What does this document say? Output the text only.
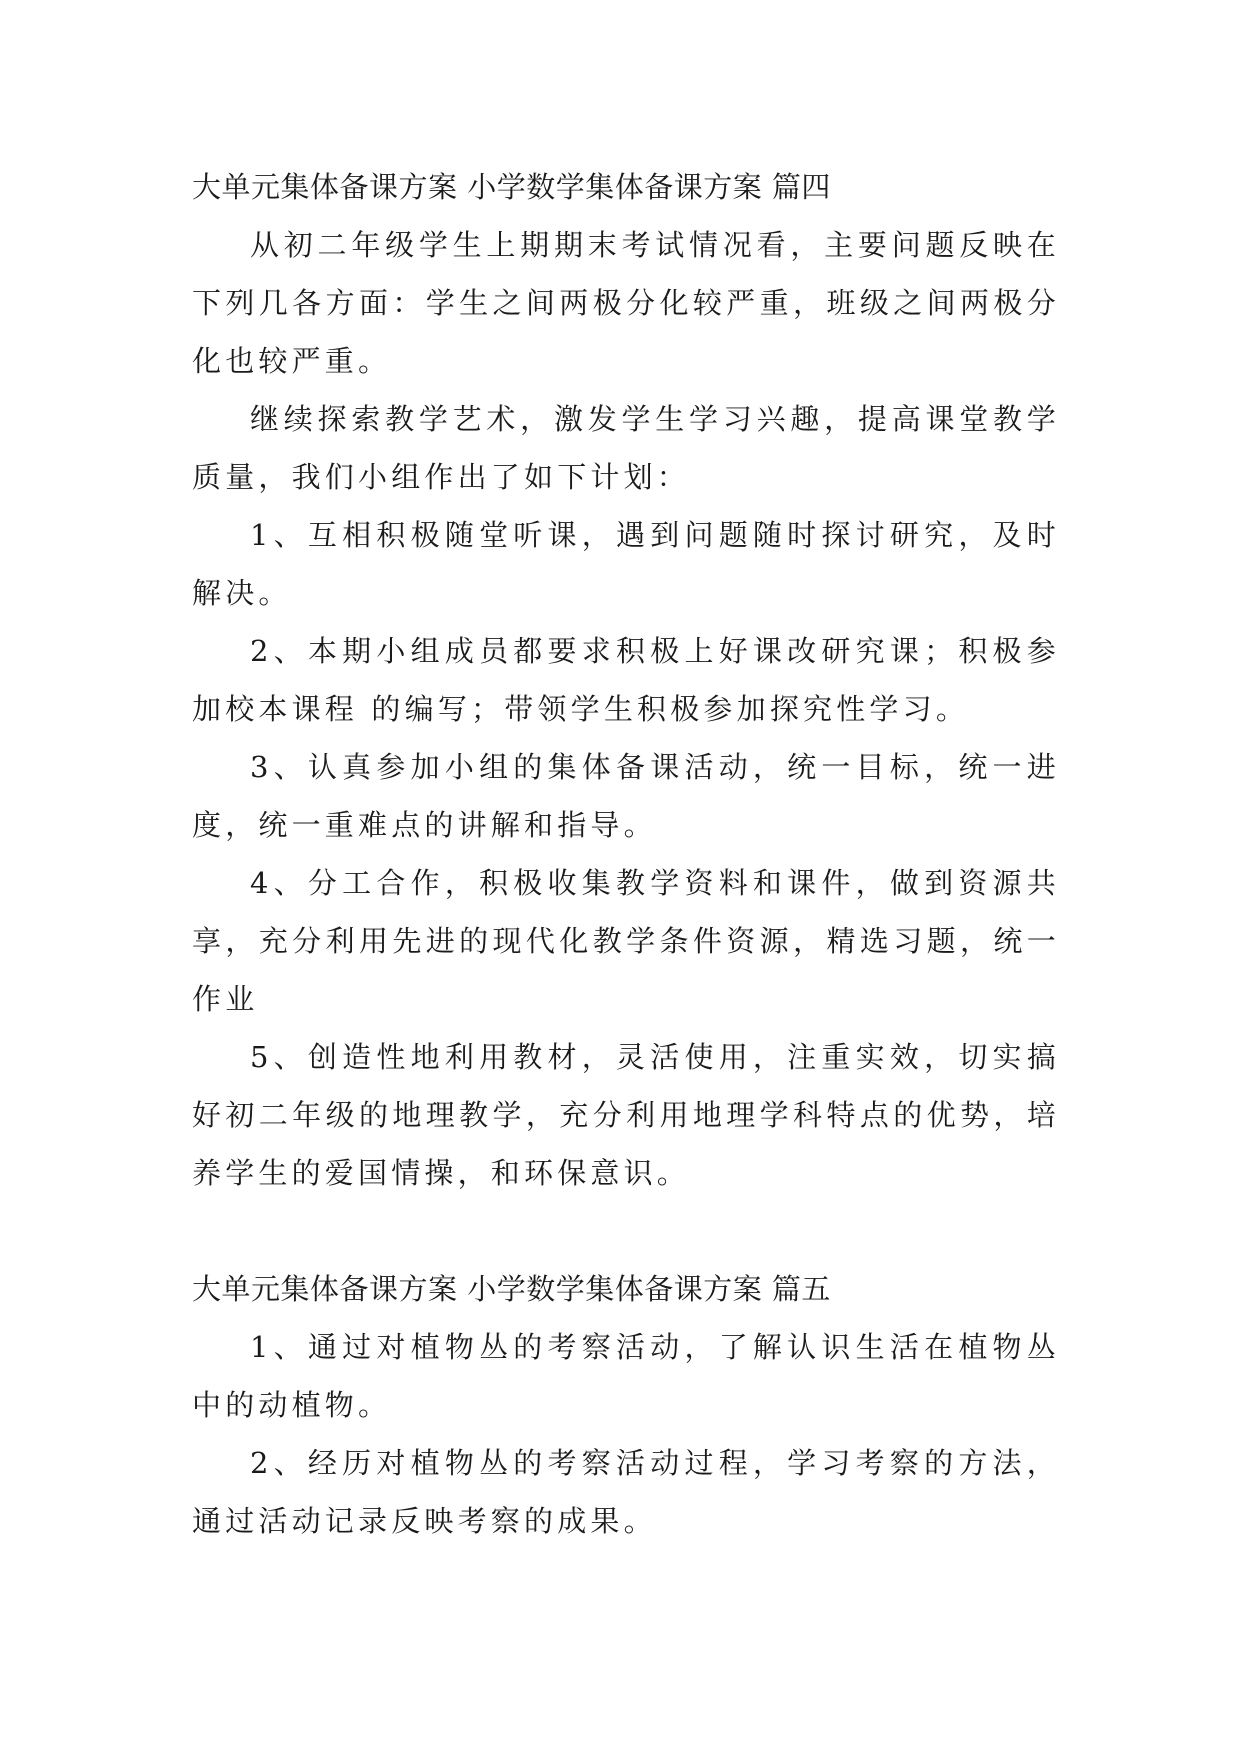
大单元集体备课方案 小学数学集体备课方案 篇四

从初二年级学生上期期末考试情况看，主要问题反映在下列几各方面：学生之间两极分化较严重，班级之间两极分化也较严重。

继续探索教学艺术，激发学生学习兴趣，提高课堂教学质量，我们小组作出了如下计划：

1、互相积极随堂听课，遇到问题随时探讨研究，及时解决。

2、本期小组成员都要求积极上好课改研究课；积极参加校本课程 的编写；带领学生积极参加探究性学习。

3、认真参加小组的集体备课活动，统一目标，统一进度，统一重难点的讲解和指导。

4、分工合作，积极收集教学资料和课件，做到资源共享，充分利用先进的现代化教学条件资源，精选习题，统一作业

5、创造性地利用教材，灵活使用，注重实效，切实搞好初二年级的地理教学，充分利用地理学科特点的优势，培养学生的爱国情操，和环保意识。

大单元集体备课方案 小学数学集体备课方案 篇五

1、通过对植物丛的考察活动，了解认识生活在植物丛中的动植物。

2、经历对植物丛的考察活动过程，学习考察的方法，通过活动记录反映考察的成果。
